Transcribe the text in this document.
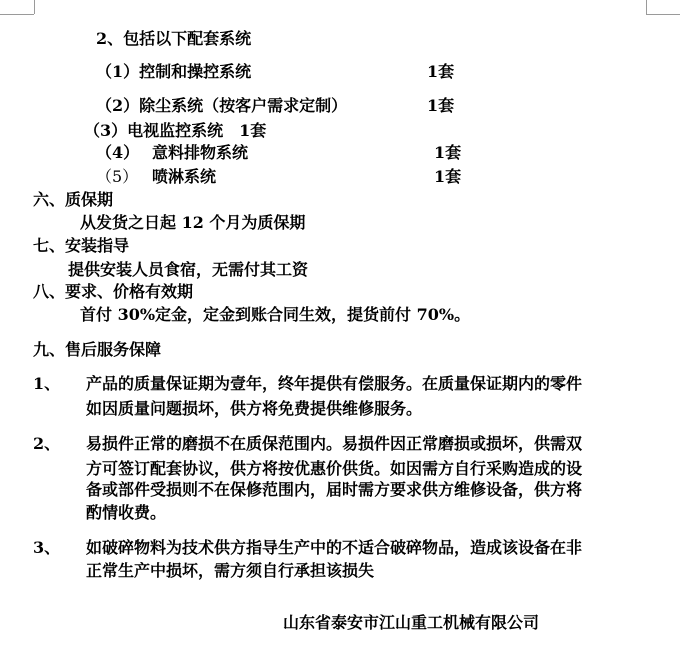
2、包括以下配套系统
（1）控制和操控系统	1套
（2）除尘系统（按客户需求定制）	1套
（3）电视监控系统　1套
（4） 意料排物系统	1套
（5） 喷淋系统	1套
六、质保期
从发货之日起 12 个月为质保期
七、安装指导
提供安装人员食宿，无需付其工资
八、要求、价格有效期
首付 30%定金，定金到账合同生效，提货前付 70%。
九、售后服务保障
1、 产品的质量保证期为壹年，终年提供有偿服务。在质量保证期内的零件
如因质量问题损坏，供方将免费提供维修服务。
2、 易损件正常的磨损不在质保范围内。易损件因正常磨损或损坏，供需双
方可签订配套协议，供方将按优惠价供货。如因需方自行采购造成的设
备或部件受损则不在保修范围内，届时需方要求供方维修设备，供方将
酌情收费。
3、 如破碎物料为技术供方指导生产中的不适合破碎物品，造成该设备在非
正常生产中损坏，需方须自行承担该损失
山东省泰安市江山重工机械有限公司
